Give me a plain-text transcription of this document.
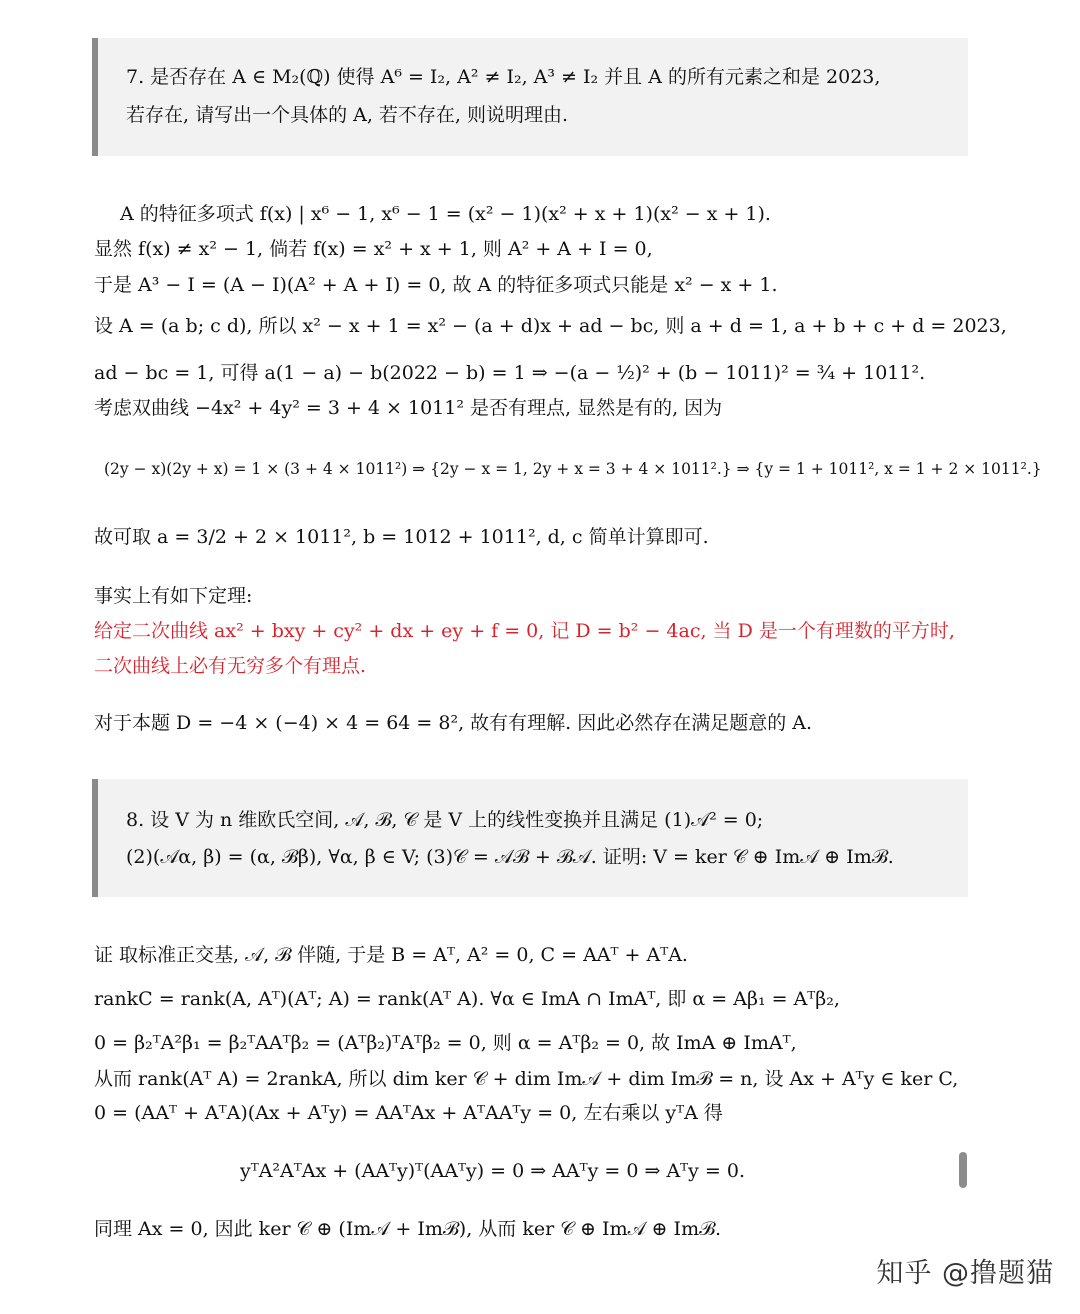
7. 是否存在 A ∈ M₂(ℚ) 使得 A⁶ = I₂, A² ≠ I₂, A³ ≠ I₂ 并且 A 的所有元素之和是 2023,
若存在, 请写出一个具体的 A, 若不存在, 则说明理由.
A 的特征多项式 f(x) | x⁶ − 1, x⁶ − 1 = (x² − 1)(x² + x + 1)(x² − x + 1).
显然 f(x) ≠ x² − 1, 倘若 f(x) = x² + x + 1, 则 A² + A + I = 0,
于是 A³ − I = (A − I)(A² + A + I) = 0, 故 A 的特征多项式只能是 x² − x + 1.
设 A = (a b; c d), 所以 x² − x + 1 = x² − (a + d)x + ad − bc, 则 a + d = 1, a + b + c + d = 2023,
ad − bc = 1, 可得 a(1 − a) − b(2022 − b) = 1 ⇒ −(a − ½)² + (b − 1011)² = ¾ + 1011².
考虑双曲线 −4x² + 4y² = 3 + 4 × 1011² 是否有理点, 显然是有的, 因为
(2y − x)(2y + x) = 1 × (3 + 4 × 1011²) ⇒ {2y − x = 1, 2y + x = 3 + 4 × 1011².} ⇒ {y = 1 + 1011², x = 1 + 2 × 1011².}
故可取 a = 3/2 + 2 × 1011², b = 1012 + 1011², d, c 简单计算即可.
事实上有如下定理:
给定二次曲线 ax² + bxy + cy² + dx + ey + f = 0, 记 D = b² − 4ac, 当 D 是一个有理数的平方时,
二次曲线上必有无穷多个有理点.
对于本题 D = −4 × (−4) × 4 = 64 = 8², 故有有理解. 因此必然存在满足题意的 A.
8. 设 V 为 n 维欧氏空间, 𝒜, ℬ, 𝒞 是 V 上的线性变换并且满足 (1)𝒜² = 0;
(2)(𝒜α, β) = (α, ℬβ), ∀α, β ∈ V; (3)𝒞 = 𝒜ℬ + ℬ𝒜. 证明: V = ker 𝒞 ⊕ Im𝒜 ⊕ Imℬ.
证 取标准正交基, 𝒜, ℬ 伴随, 于是 B = Aᵀ, A² = 0, C = AAᵀ + AᵀA.
rankC = rank(A, Aᵀ)(Aᵀ; A) = rank(Aᵀ A). ∀α ∈ ImA ∩ ImAᵀ, 即 α = Aβ₁ = Aᵀβ₂,
0 = β₂ᵀA²β₁ = β₂ᵀAAᵀβ₂ = (Aᵀβ₂)ᵀAᵀβ₂ = 0, 则 α = Aᵀβ₂ = 0, 故 ImA ⊕ ImAᵀ,
从而 rank(Aᵀ A) = 2rankA, 所以 dim ker 𝒞 + dim Im𝒜 + dim Imℬ = n, 设 Ax + Aᵀy ∈ ker C,
0 = (AAᵀ + AᵀA)(Ax + Aᵀy) = AAᵀAx + AᵀAAᵀy = 0, 左右乘以 yᵀA 得
yᵀA²AᵀAx + (AAᵀy)ᵀ(AAᵀy) = 0 ⇒ AAᵀy = 0 ⇒ Aᵀy = 0.
同理 Ax = 0, 因此 ker 𝒞 ⊕ (Im𝒜 + Imℬ), 从而 ker 𝒞 ⊕ Im𝒜 ⊕ Imℬ.
知乎 @撸题猫
